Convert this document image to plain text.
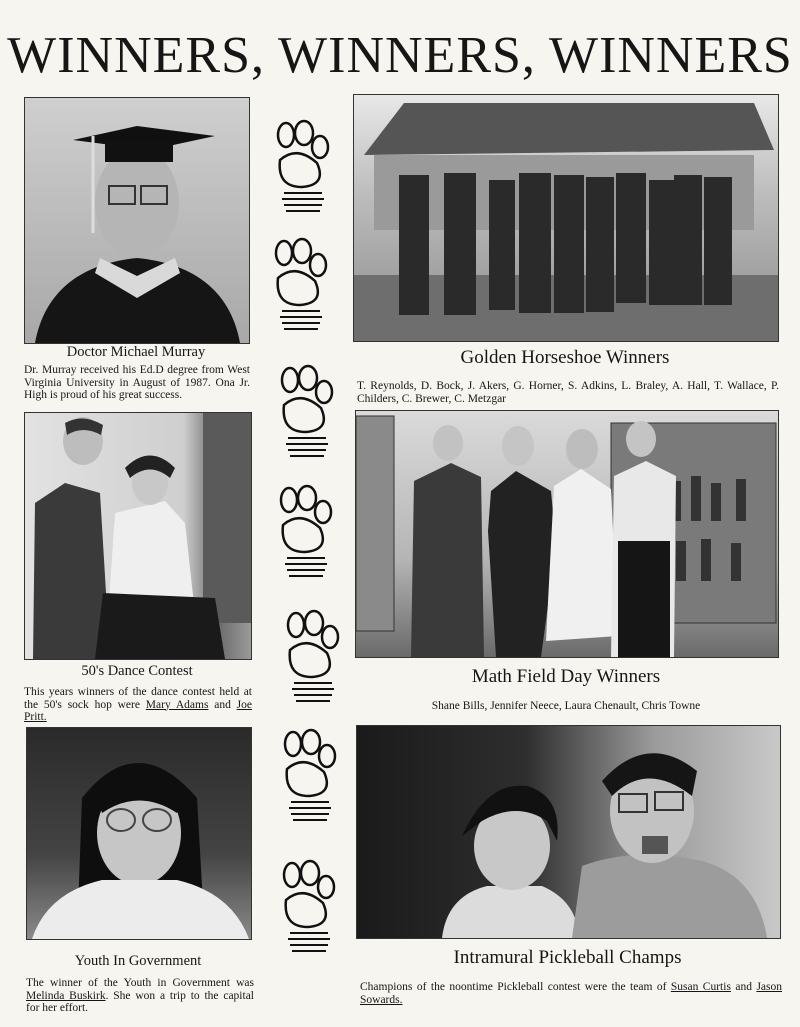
WINNERS, WINNERS, WINNERS
Doctor Michael Murray
Dr. Murray received his Ed.D degree from West Virginia University in August of 1987. Ona Jr. High is proud of his great success.
Golden Horseshoe Winners
T. Reynolds, D. Bock, J. Akers, G. Horner, S. Adkins, L. Braley, A. Hall, T. Wallace, P. Childers, C. Brewer, C. Metzgar
50's Dance Contest
This years winners of the dance contest held at the 50's sock hop were Mary Adams and Joe Pritt.
Math Field Day Winners
Shane Bills, Jennifer Neece, Laura Chenault, Chris Towne
Youth In Government
The winner of the Youth in Government was Melinda Buskirk. She won a trip to the capital for her effort.
Intramural Pickleball Champs
Champions of the noontime Pickleball contest were the team of Susan Curtis and Jason Sowards.
